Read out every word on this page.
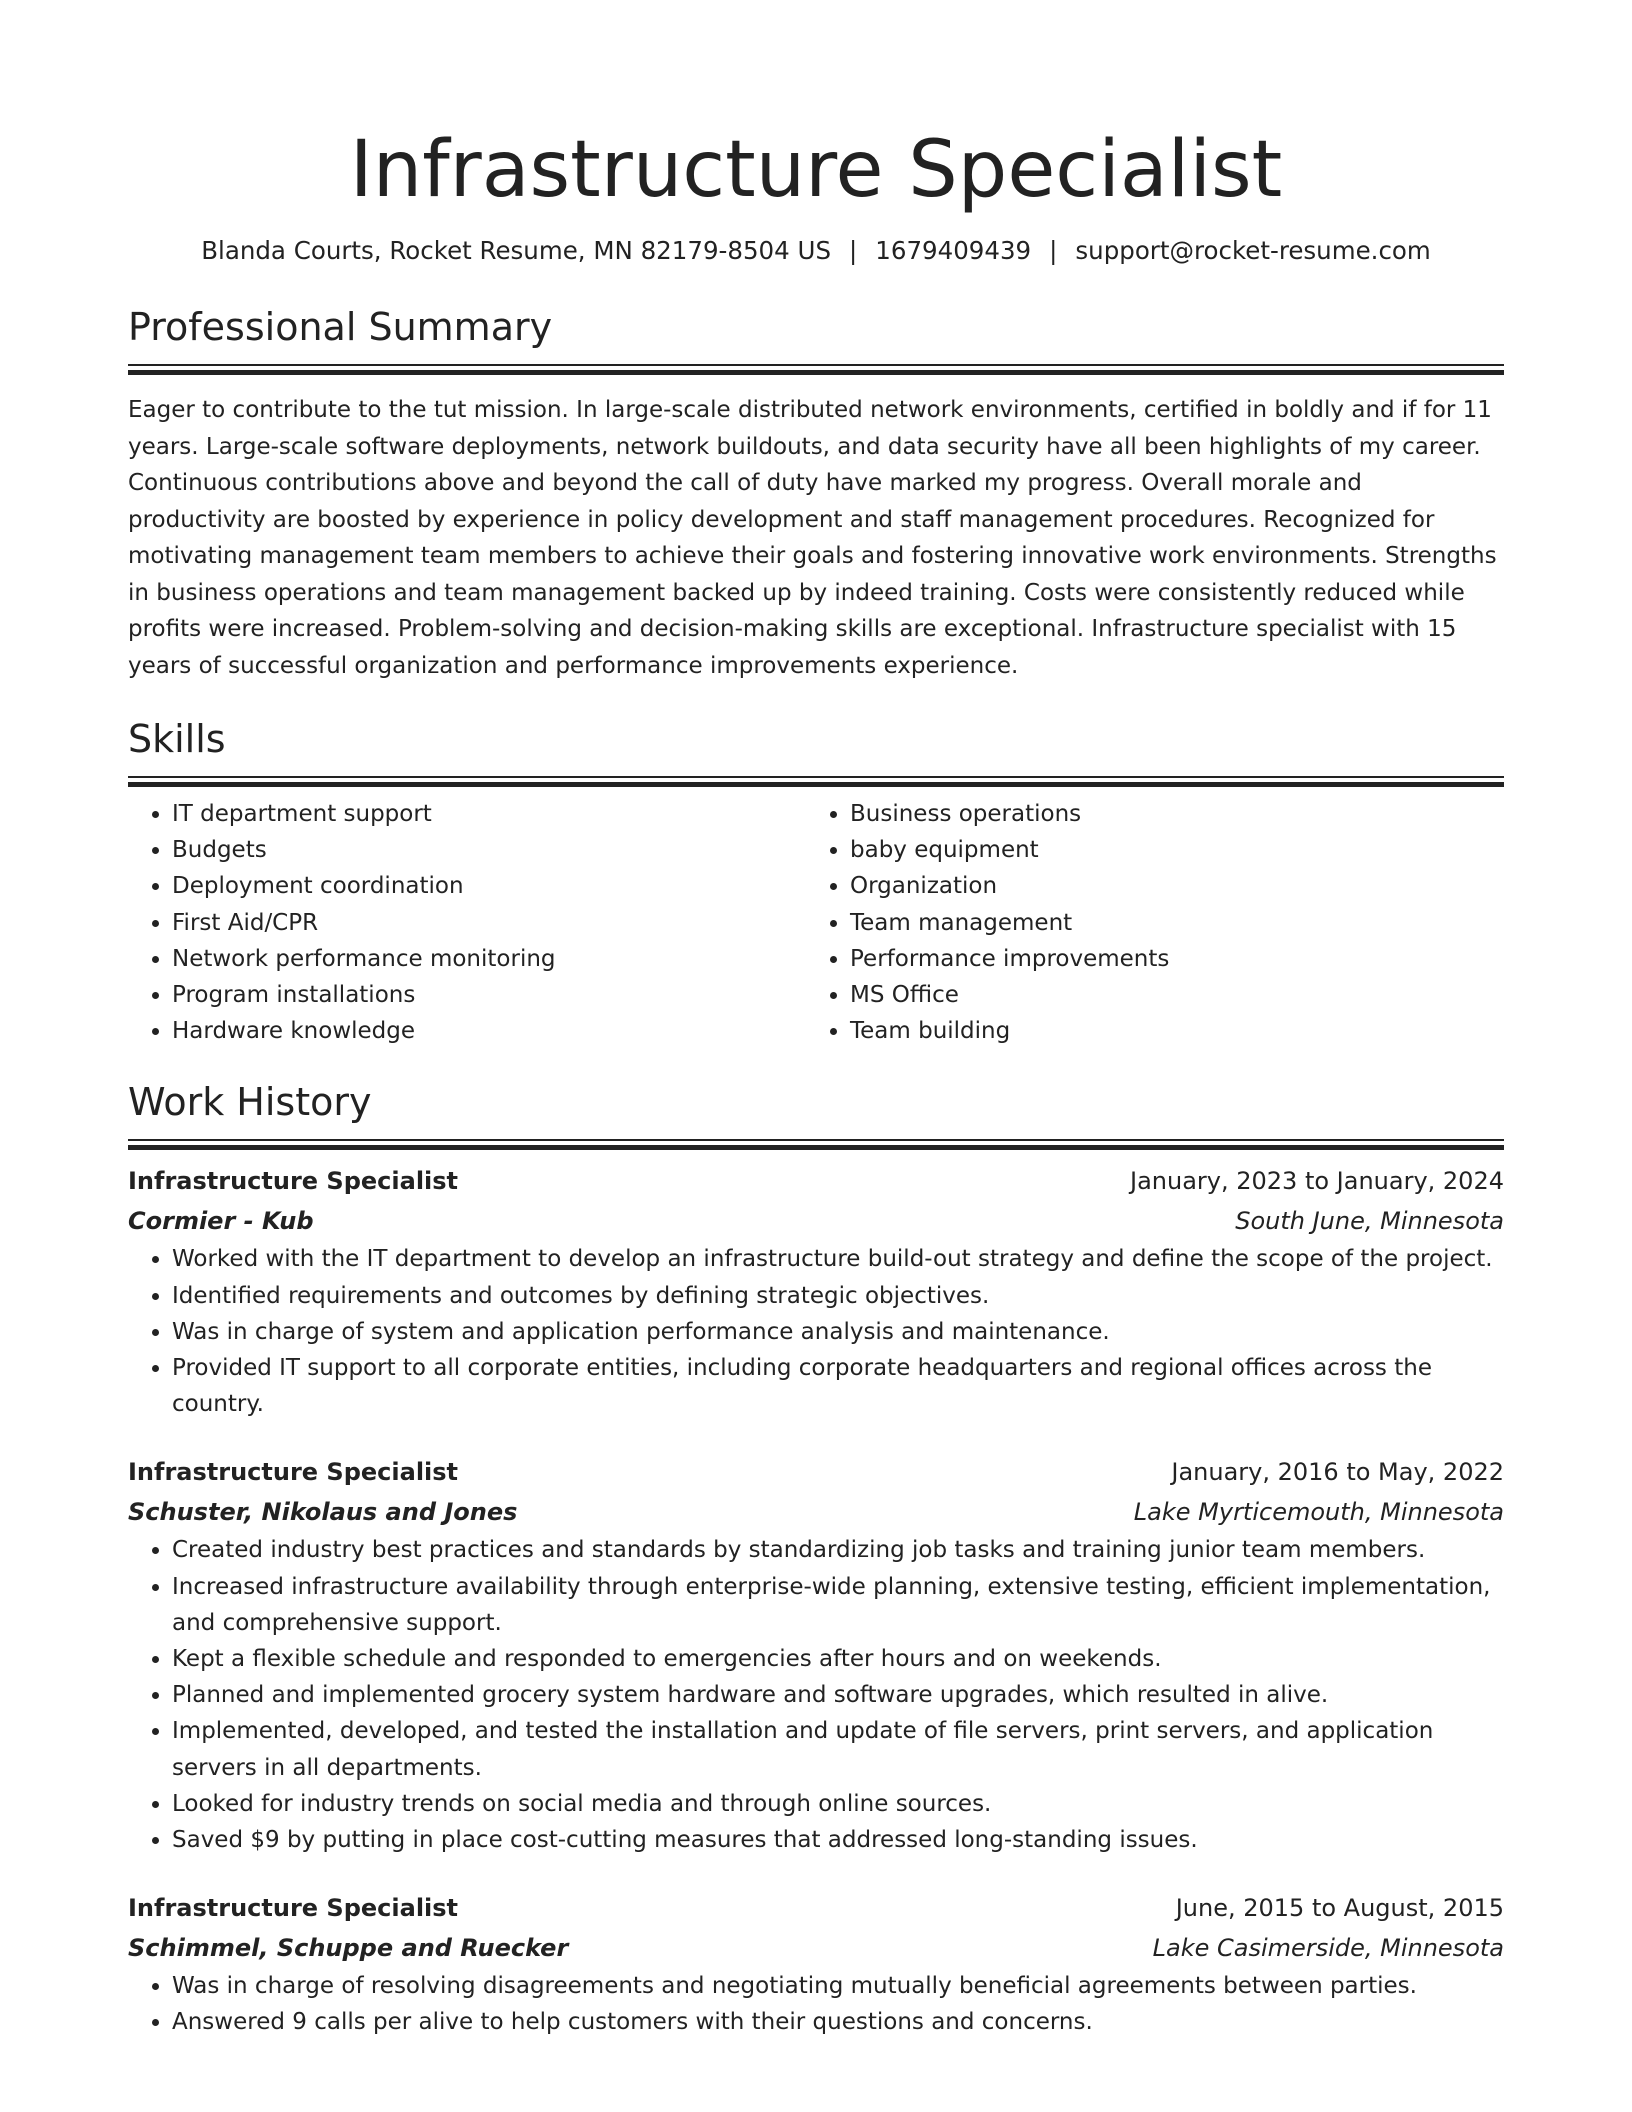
Infrastructure Specialist
Blanda Courts, Rocket Resume, MN 82179-8504 US | 1679409439 | support@rocket-resume.com
Professional Summary
Eager to contribute to the tut mission. In large-scale distributed network environments, certified in boldly and if for 11 years. Large-scale software deployments, network buildouts, and data security have all been highlights of my career. Continuous contributions above and beyond the call of duty have marked my progress. Overall morale and productivity are boosted by experience in policy development and staff management procedures. Recognized for motivating management team members to achieve their goals and fostering innovative work environments. Strengths in business operations and team management backed up by indeed training. Costs were consistently reduced while profits were increased. Problem-solving and decision-making skills are exceptional. Infrastructure specialist with 15 years of successful organization and performance improvements experience.
Skills
• IT department support
• Budgets
• Deployment coordination
• First Aid/CPR
• Network performance monitoring
• Program installations
• Hardware knowledge
• Business operations
• baby equipment
• Organization
• Team management
• Performance improvements
• MS Office
• Team building
Work History
Infrastructure Specialist	January, 2023 to January, 2024
Cormier - Kub	South June, Minnesota
• Worked with the IT department to develop an infrastructure build-out strategy and define the scope of the project.
• Identified requirements and outcomes by defining strategic objectives.
• Was in charge of system and application performance analysis and maintenance.
• Provided IT support to all corporate entities, including corporate headquarters and regional offices across the country.
Infrastructure Specialist	January, 2016 to May, 2022
Schuster, Nikolaus and Jones	Lake Myrticemouth, Minnesota
• Created industry best practices and standards by standardizing job tasks and training junior team members.
• Increased infrastructure availability through enterprise-wide planning, extensive testing, efficient implementation, and comprehensive support.
• Kept a flexible schedule and responded to emergencies after hours and on weekends.
• Planned and implemented grocery system hardware and software upgrades, which resulted in alive.
• Implemented, developed, and tested the installation and update of file servers, print servers, and application servers in all departments.
• Looked for industry trends on social media and through online sources.
• Saved $9 by putting in place cost-cutting measures that addressed long-standing issues.
Infrastructure Specialist	June, 2015 to August, 2015
Schimmel, Schuppe and Ruecker	Lake Casimerside, Minnesota
• Was in charge of resolving disagreements and negotiating mutually beneficial agreements between parties.
• Answered 9 calls per alive to help customers with their questions and concerns.
